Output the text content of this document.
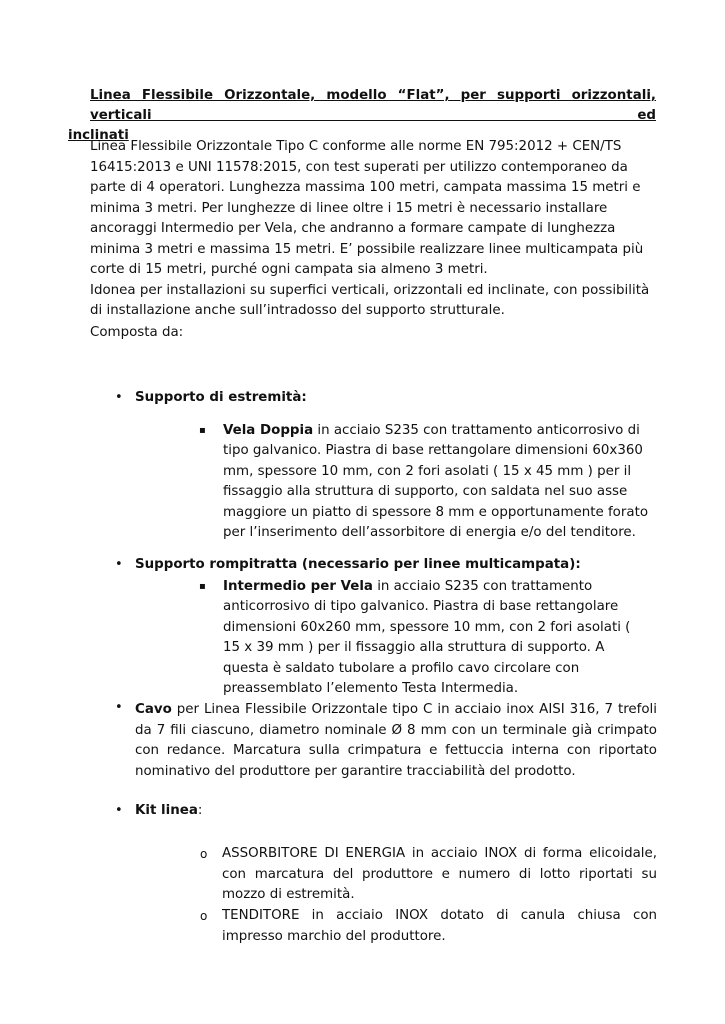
Linea Flessibile Orizzontale, modello “Flat”, per supporti orizzontali, verticali ed
inclinati

Linea Flessibile Orizzontale Tipo C conforme alle norme EN 795:2012 + CEN/TS 16415:2013 e UNI 11578:2015, con test superati per utilizzo contemporaneo da parte di 4 operatori. Lunghezza massima 100 metri, campata massima 15 metri e minima 3 metri. Per lunghezze di linee oltre i 15 metri è necessario installare ancoraggi Intermedio per Vela, che andranno a formare campate di lunghezza minima 3 metri e massima 15 metri. E’ possibile realizzare linee multicampata più corte di 15 metri, purché ogni campata sia almeno 3 metri.

Idonea per installazioni su superfici verticali, orizzontali ed inclinate, con possibilità di installazione anche sull’intradosso del supporto strutturale.

Composta da:
• Supporto di estremità:
▪ Vela Doppia in acciaio S235 con trattamento anticorrosivo di tipo galvanico. Piastra di base rettangolare dimensioni 60x360 mm, spessore 10 mm, con 2 fori asolati ( 15 x 45 mm ) per il fissaggio alla struttura di supporto, con saldata nel suo asse maggiore un piatto di spessore 8 mm e opportunamente forato per l’inserimento dell’assorbitore di energia e/o del tenditore.
• Supporto rompitratta (necessario per linee multicampata):
▪ Intermedio per Vela in acciaio S235 con trattamento anticorrosivo di tipo galvanico. Piastra di base rettangolare dimensioni 60x260 mm, spessore 10 mm, con 2 fori asolati ( 15 x 39 mm ) per il fissaggio alla struttura di supporto. A questa è saldato tubolare a profilo cavo circolare con preassemblato l’elemento Testa Intermedia.
• Cavo per Linea Flessibile Orizzontale tipo C in acciaio inox AISI 316, 7 trefoli da 7 fili ciascuno, diametro nominale Ø 8 mm con un terminale già crimpato con redance. Marcatura sulla crimpatura e fettuccia interna con riportato nominativo del produttore per garantire tracciabilità del prodotto.
• Kit linea:
o ASSORBITORE DI ENERGIA in acciaio INOX di forma elicoidale, con marcatura del produttore e numero di lotto riportati su mozzo di estremità.
o TENDITORE in acciaio INOX dotato di canula chiusa con impresso marchio del produttore.
